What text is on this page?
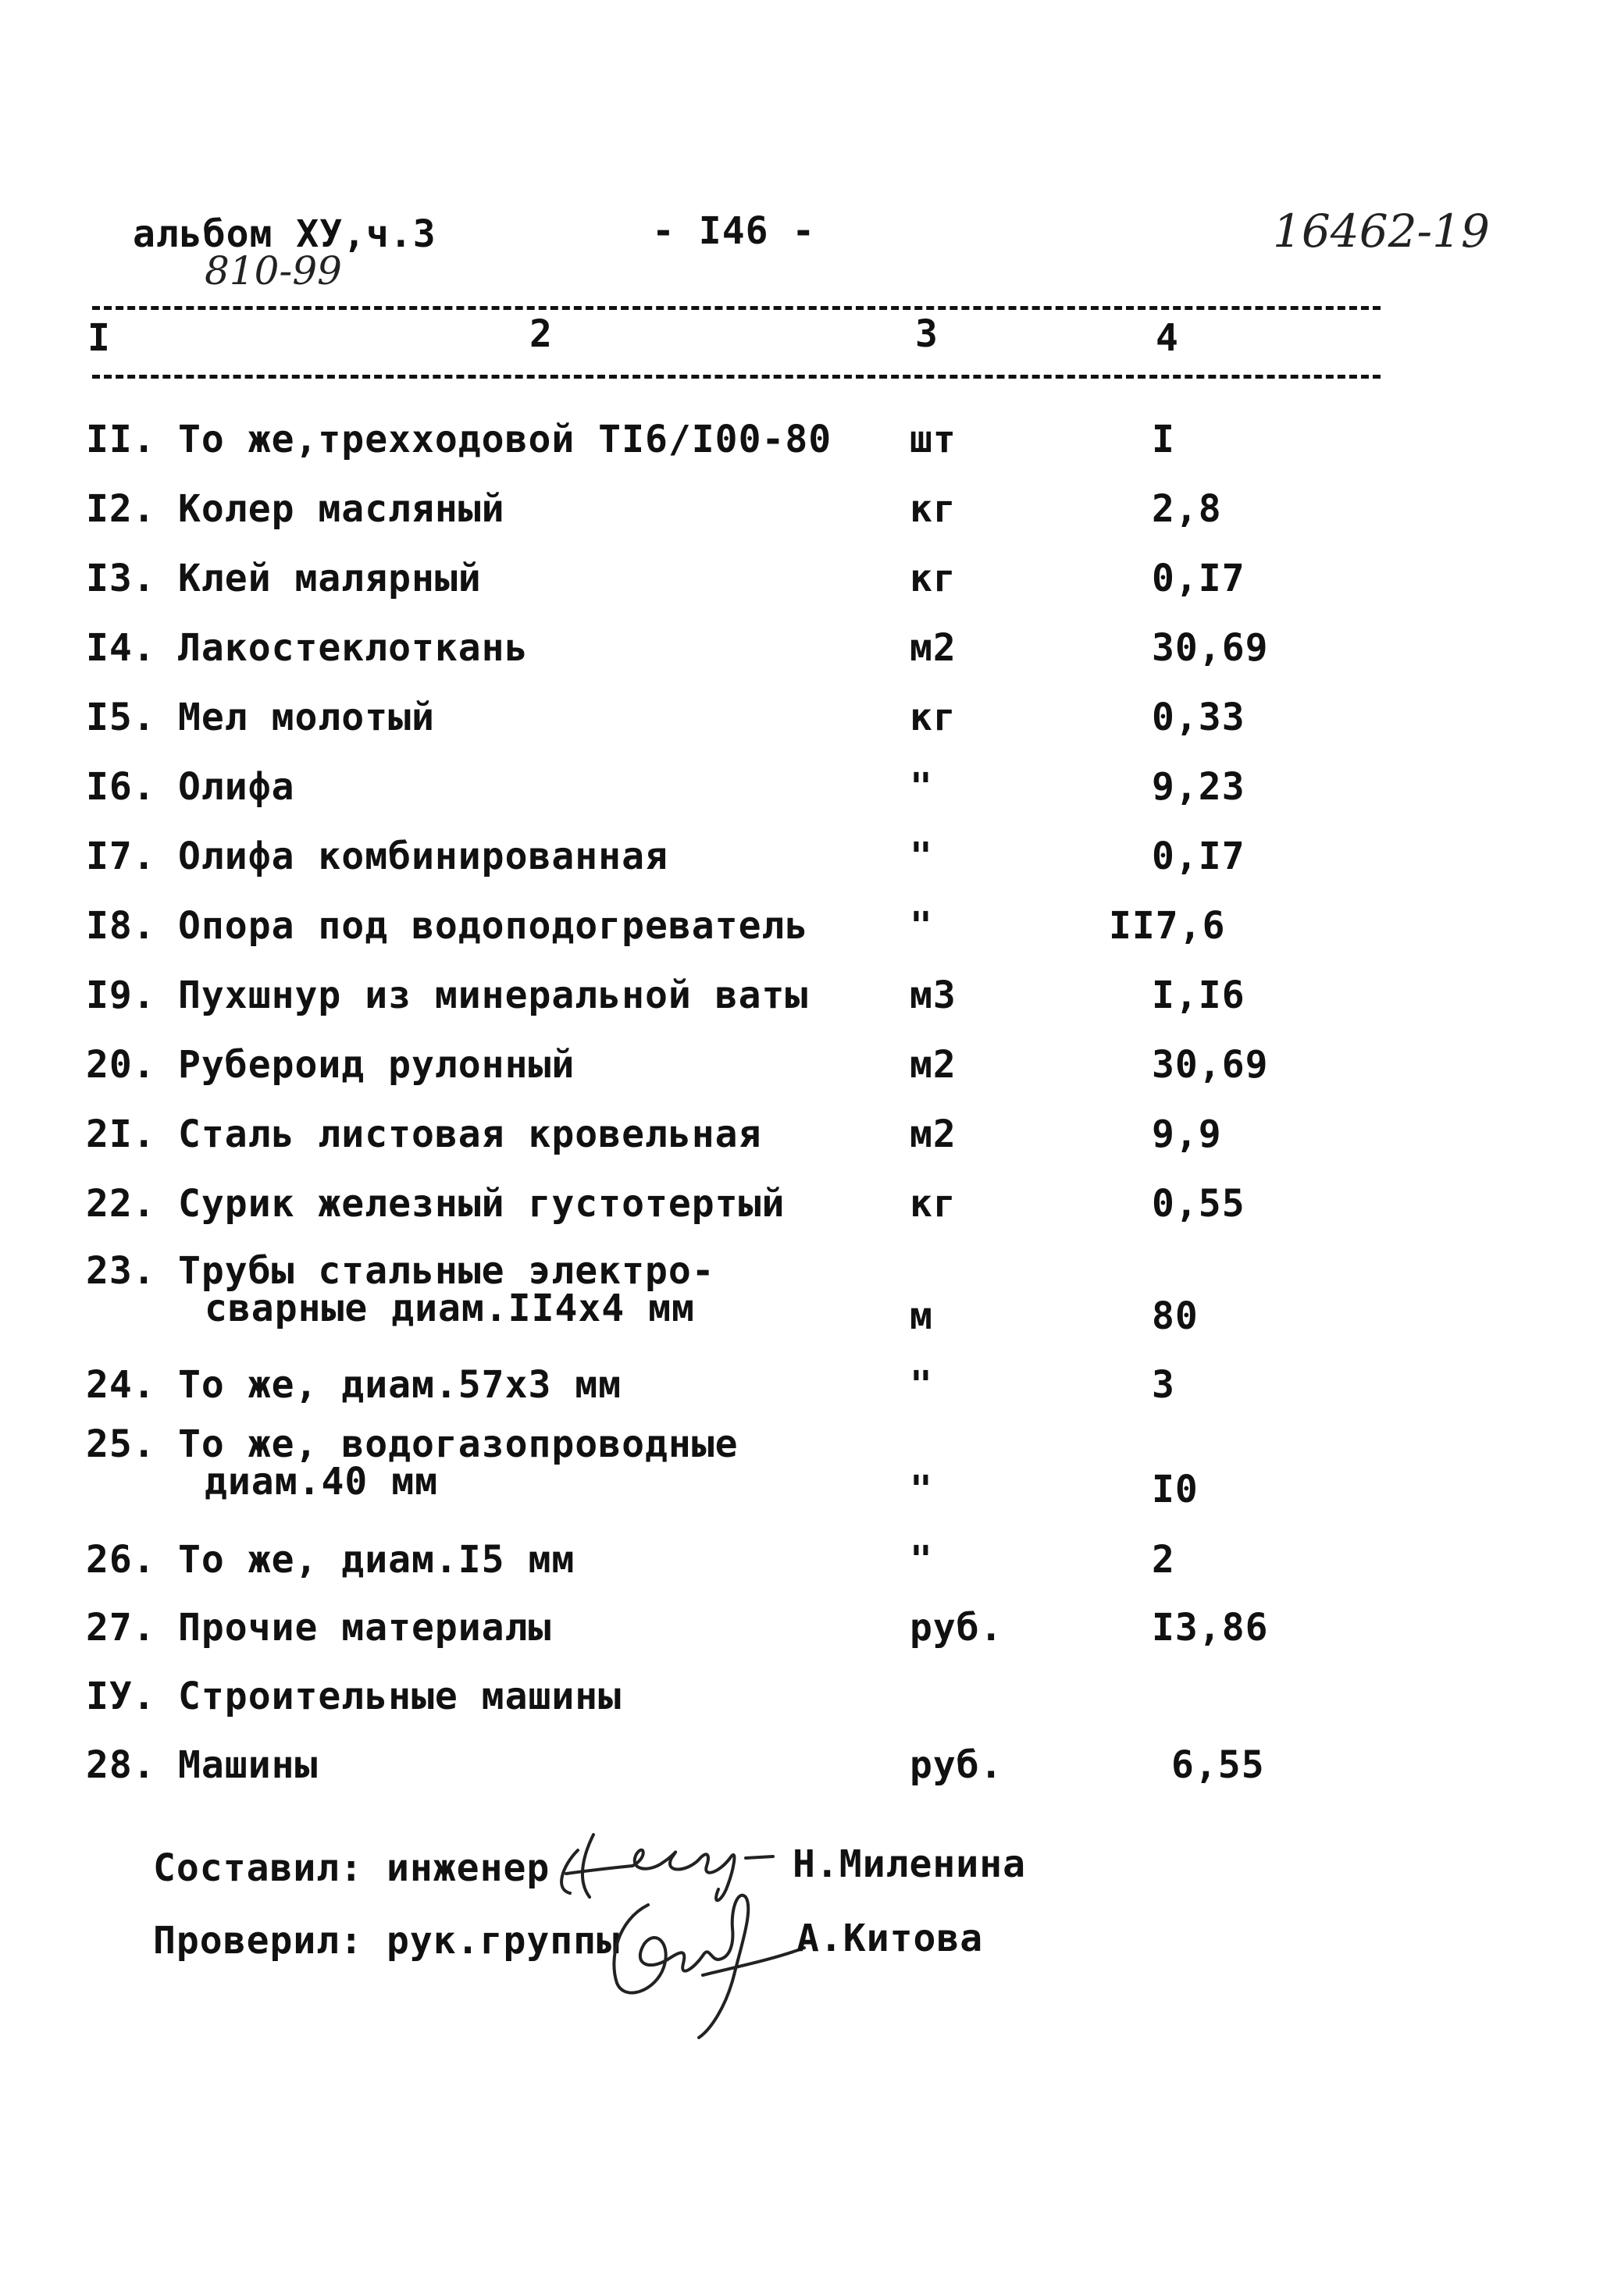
альбом XУ,ч.3	- I46 -	16462-19
810-99
I	2	3	4
II. То же,трехходовой TI6/I00-80 шт	I
I2. Колер масляный	кг	2,8
I3. Клей малярный	кг	0,I7
I4. Лакостеклоткань	м2	30,69
I5. Мел молотый	кг	0,33
I6. Олифа	"	9,23
I7. Олифа комбинированная	"	0,I7
I8. Опора под водоподогреватель	"	II7,6
I9. Пухшнур из минеральной ваты	м3	I,I6
20. Рубероид рулонный	м2	30,69
2I. Сталь листовая кровельная	м2	9,9
22. Сурик железный густотертый	кг	0,55
23. Трубы стальные электро-
сварные диам.II4x4 мм	м	80
24. То же, диам.57x3 мм	"	3
25. То же, водогазопроводные
диам.40 мм	"	I0
26. То же, диам.I5 мм	"	2
27. Прочие материалы	руб.	I3,86
IУ. Строительные машины
28. Машины	руб.	6,55
Составил: инженер	Н.Миленина
Проверил: рук.группы	А.Китова
